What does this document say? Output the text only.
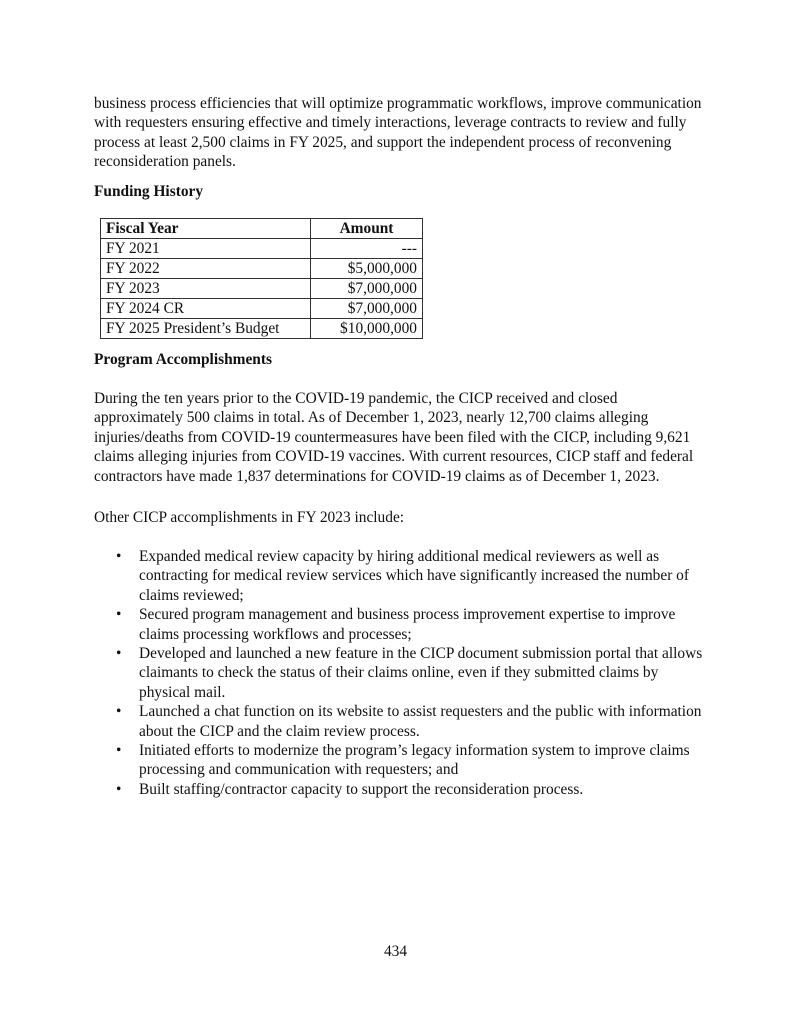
business process efficiencies that will optimize programmatic workflows, improve communication with requesters ensuring effective and timely interactions, leverage contracts to review and fully process at least 2,500 claims in FY 2025, and support the independent process of reconvening reconsideration panels.

Funding History
Fiscal Year	Amount
FY 2021	---
FY 2022	$5,000,000
FY 2023	$7,000,000
FY 2024 CR	$7,000,000
FY 2025 President’s Budget	$10,000,000
Program Accomplishments

During the ten years prior to the COVID-19 pandemic, the CICP received and closed approximately 500 claims in total. As of December 1, 2023, nearly 12,700 claims alleging injuries/deaths from COVID-19 countermeasures have been filed with the CICP, including 9,621 claims alleging injuries from COVID-19 vaccines. With current resources, CICP staff and federal contractors have made 1,837 determinations for COVID-19 claims as of December 1, 2023.

Other CICP accomplishments in FY 2023 include:

• Expanded medical review capacity by hiring additional medical reviewers as well as contracting for medical review services which have significantly increased the number of claims reviewed;
• Secured program management and business process improvement expertise to improve claims processing workflows and processes;
• Developed and launched a new feature in the CICP document submission portal that allows claimants to check the status of their claims online, even if they submitted claims by physical mail.
• Launched a chat function on its website to assist requesters and the public with information about the CICP and the claim review process.
• Initiated efforts to modernize the program’s legacy information system to improve claims processing and communication with requesters; and
• Built staffing/contractor capacity to support the reconsideration process.
434
